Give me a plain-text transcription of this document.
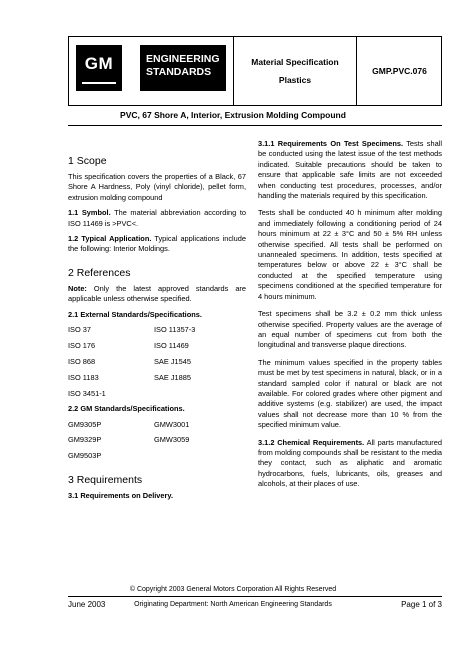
GM	ENGINEERING
STANDARDS
Material Specification
Plastics
GMP.PVC.076
PVC, 67 Shore A, Interior, Extrusion Molding Compound
1 Scope

This specification covers the properties of a Black, 67 Shore A Hardness, Poly (vinyl chloride), pellet form, extrusion molding compound

1.1 Symbol. The material abbreviation according to ISO 11469 is >PVC<.

1.2 Typical Application. Typical applications include the following: Interior Moldings.

2 References

Note: Only the latest approved standards are applicable unless otherwise specified.

2.1 External Standards/Specifications.
ISO 37	ISO 11357-3
ISO 176	ISO 11469
ISO 868	SAE J1545
ISO 1183	SAE J1885
ISO 3451-1
2.2 GM Standards/Specifications.
GM9305P	GMW3001
GM9329P	GMW3059
GM9503P
3 Requirements
3.1 Requirements on Delivery.

3.1.1 Requirements On Test Specimens. Tests shall be conducted using the latest issue of the test methods indicated. Suitable precautions should be taken to ensure that applicable safe limits are not exceeded when conducting test procedures, processes, and/or handling the materials required by this specification.

Tests shall be conducted 40 h minimum after molding and immediately following a conditioning period of 24 hours minimum at 22 ± 3°C and 50 ± 5% RH unless otherwise specified. All tests shall be performed on unannealed specimens. In addition, tests specified at temperatures below or above 22 ± 3°C shall be conducted at the specified temperature using specimens conditioned at the specified temperature for 4 hours minimum.

Test specimens shall be 3.2 ± 0.2 mm thick unless otherwise specified. Property values are the average of an equal number of specimens cut from both the longitudinal and transverse plaque directions.

The minimum values specified in the property tables must be met by test specimens in natural, black, or in a standard sampled color if natural or black are not available. For colored grades where other pigment and additive systems (e.g. stabilizer) are used, the impact values shall not decrease more than 10 % from the specified minimum value.

3.1.2 Chemical Requirements. All parts manufactured from molding compounds shall be resistant to the media they contact, such as aliphatic and aromatic hydrocarbons, fuels, lubricants, oils, greases and alcohols, at their places of use.

© Copyright 2003 General Motors Corporation All Rights Reserved
June 2003	Originating Department: North American Engineering Standards	Page 1 of 3
